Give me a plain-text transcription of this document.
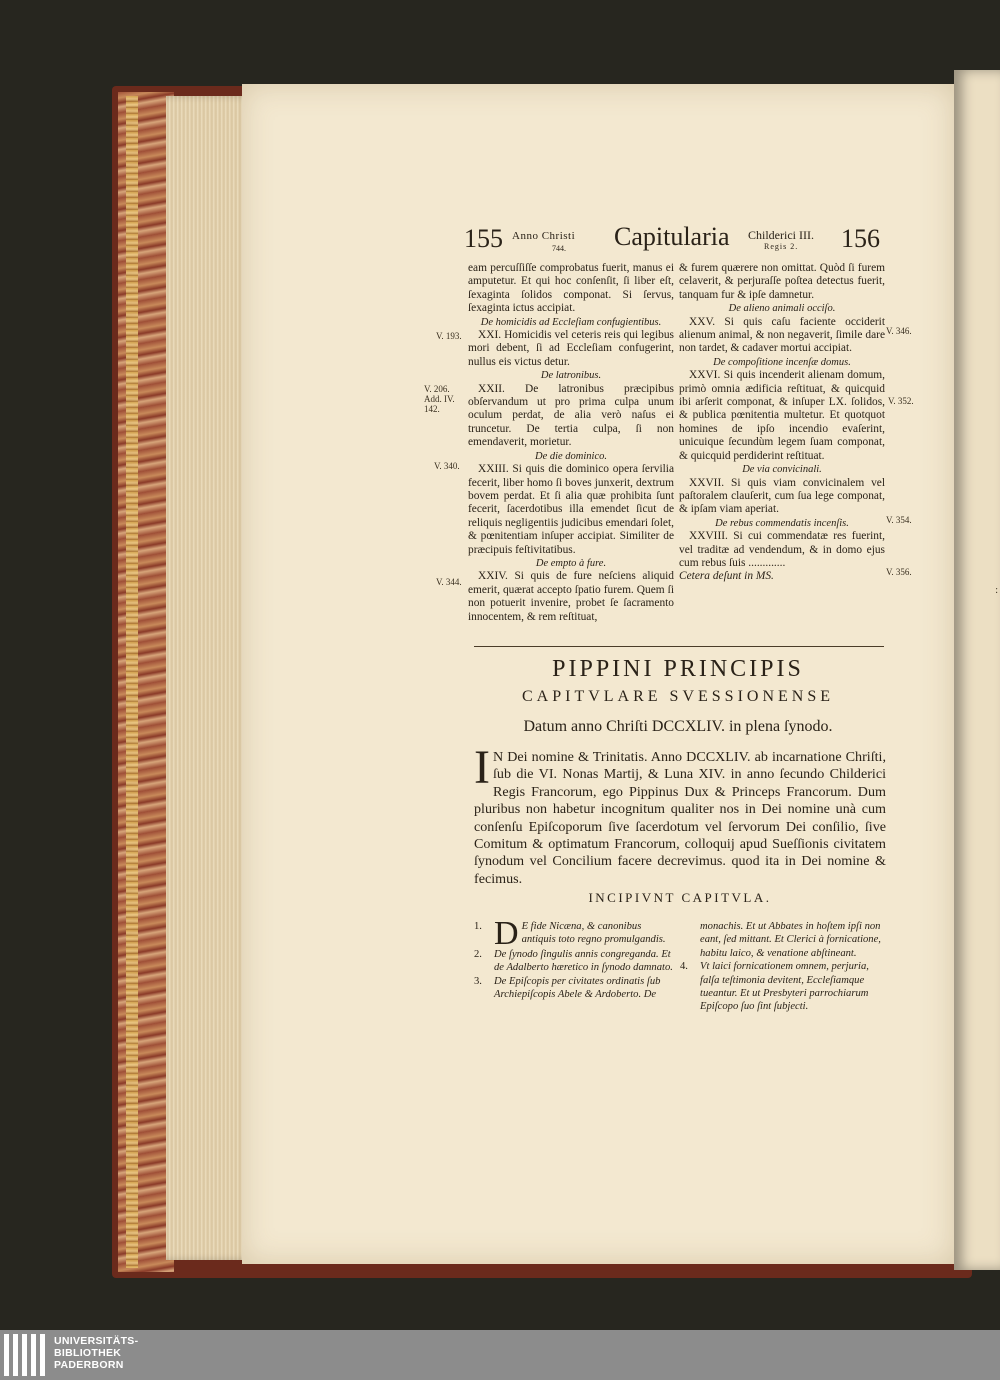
:
155 Anno Christi
744. Capitularia Childerici III.
Regis 2. 156

eam percuſſiſſe comprobatus fuerit, manus ei amputetur. Et qui hoc conſenſit, ſi liber eſt, ſexaginta ſolidos componat. Si ſervus, ſexaginta ictus accipiat.

De homicidis ad Eccleſiam confugientibus.

XXI. Homicidis vel ceteris reis qui legibus mori debent, ſi ad Eccleſiam confugerint, nullus eis victus detur.

De latronibus.

XXII. De latronibus præcipibus obſervandum ut pro prima culpa unum oculum perdat, de alia verò naſus ei truncetur. De tertia culpa, ſi non emendaverit, morietur.

De die dominico.

XXIII. Si quis die dominico opera ſervilia fecerit, liber homo ſi boves junxerit, dextrum bovem perdat. Et ſi alia quæ prohibita ſunt fecerit, ſacerdotibus illa emendet ſicut de reliquis negligentiis judicibus emendari ſolet, & pœnitentiam inſuper accipiat. Similiter de præcipuis feſtivitatibus.

De empto à fure.

XXIV. Si quis de fure neſciens aliquid emerit, quærat accepto ſpatio furem. Quem ſi non potuerit invenire, probet ſe ſacramento innocentem, & rem reſtituat,

& furem quærere non omittat. Quòd ſi furem celaverit, & perjuraſſe poſtea detectus fuerit, tanquam fur & ipſe damnetur.

De alieno animali occiſo.

XXV. Si quis caſu faciente occiderit alienum animal, & non negaverit, ſimile dare non tardet, & cadaver mortui accipiat.

De compoſitione incenſæ domus.

XXVI. Si quis incenderit alienam domum, primò omnia ædificia reſtituat, & quicquid ibi arſerit componat, & inſuper LX. ſolidos, & publica pœnitentia multetur. Et quotquot homines de ipſo incendio evaſerint, unicuique ſecundùm legem ſuam componat, & quicquid perdiderint reſtituat.

De via convicinali.

XXVII. Si quis viam convicinalem vel paſtoralem clauſerit, cum ſua lege componat, & ipſam viam aperiat.

De rebus commendatis incenſis.

XXVIII. Si cui commendatæ res fuerint, vel traditæ ad vendendum, & in domo ejus cum rebus ſuis .............

Cetera deſunt in MS.

V. 193.
V. 206. Add. IV. 142.
V. 340.
V. 344.
V. 346.
V. 352.
V. 354.
V. 356.
PIPPINI PRINCIPIS
CAPITVLARE SVESSIONENSE
Datum anno Chriſti DCCXLIV. in plena ſynodo.

I N Dei nomine & Trinitatis. Anno DCCXLIV. ab incarnatione Chriſti, ſub die VI. Nonas Martij, & Luna XIV. in anno ſecundo Childerici Regis Francorum, ego Pippinus Dux & Princeps Francorum. Dum pluribus non habetur incognitum qualiter nos in Dei nomine unà cum conſenſu Epiſcoporum ſive ſacerdotum vel ſervorum Dei conſilio, ſive Comitum & optimatum Francorum, colloquij apud Sueſſionis civitatem ſynodum vel Concilium facere decrevimus. quod ita in Dei nomine & fecimus.

INCIPIVNT CAPITVLA.

1. D E fide Nicæna, & canonibus antiquis toto regno promulgandis.

2. De ſynodo ſingulis annis congreganda. Et de Adalberto hæretico in ſynodo damnato.

3. De Epiſcopis per civitates ordinatis ſub Archiepiſcopis Abele & Ardoberto. De

monachis. Et ut Abbates in hoſtem ipſi non eant, ſed mittant. Et Clerici à fornicatione, habitu laico, & venatione abſtineant.

4. Vt laici fornicationem omnem, perjuria, falſa teſtimonia devitent, Eccleſiamque tueantur. Et ut Presbyteri parrochiarum Epiſcopo ſuo ſint ſubjecti.

UNIVERSITÄTS-
BIBLIOTHEK
PADERBORN
